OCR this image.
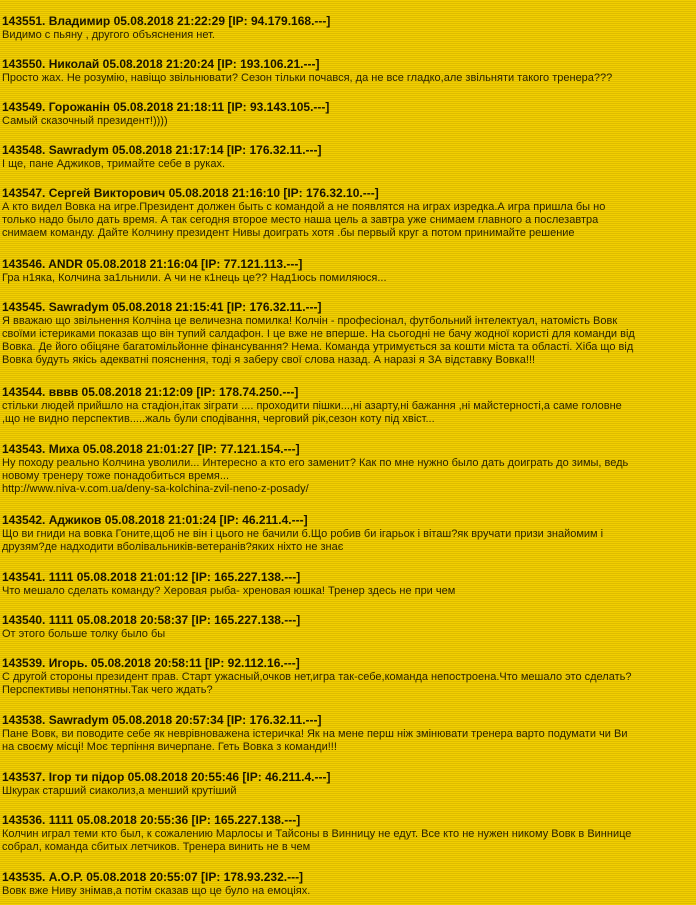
143551. Владимир 05.08.2018 21:22:29 [IP: 94.179.168.---]
Видимо с пьяну , другого объяснения нет.
143550. Николай 05.08.2018 21:20:24 [IP: 193.106.21.---]
Просто жах. Не розумію, навіщо звільнювати? Сезон тільки почався, да не все гладко,але звільняти такого тренера???
143549. Горожанін 05.08.2018 21:18:11 [IP: 93.143.105.---]
Самый сказочный президент!))))
143548. Sawradym 05.08.2018 21:17:14 [IP: 176.32.11.---]
І ще, пане Аджиков, тримайте себе в руках.
143547. Сергей Викторович 05.08.2018 21:16:10 [IP: 176.32.10.---]
А кто видел Вовка на игре.Президент должен быть с командой а не появлятся на играх изредка.А игра пришла бы но
только надо было дать время. А так сегодня второе место наша цель а завтра уже снимаем главного а послезавтра
снимаем команду. Дайте Колчину президент Нивы доиграть хотя .бы первый круг а потом принимайте решение
143546. ANDR 05.08.2018 21:16:04 [IP: 77.121.113.---]
Гра н1яка, Колчина за1льнили. А чи не к1нець це?? Над1юсь помиляюся...
143545. Sawradym 05.08.2018 21:15:41 [IP: 176.32.11.---]
Я вважаю що звільнення Колчіна це величезна помилка! Колчін - професіонал, футбольний інтелектуал, натомість Вовк
своїми істериками показав що він тупий салдафон. І це вже не вперше. На сьогодні не бачу жодної користі для команди від
Вовка. Де його обіцяне багатомільйонне фінансування? Нема. Команда утримується за кошти міста та області. Хіба що від
Вовка будуть якісь адекватні пояснення, тоді я заберу свої слова назад. А наразі я ЗА відставку Вовка!!!
143544. вввв 05.08.2018 21:12:09 [IP: 178.74.250.---]
стільки людей прийшло на стадіон,ітак зіграти .... проходити пішки...,ні азарту,ні бажання ,ні майстерності,а саме головне
,що не видно перспектив.....жаль були сподівання, черговий рік,сезон коту під хвіст...
143543. Миха 05.08.2018 21:01:27 [IP: 77.121.154.---]
Ну походу реально Колчина уволили... Интересно а кто его заменит? Как по мне нужно было дать доиграть до зимы, ведь
новому тренеру тоже понадобиться время...
http://www.niva-v.com.ua/deny-sa-kolchina-zvil-neno-z-posady/
143542. Аджиков 05.08.2018 21:01:24 [IP: 46.211.4.---]
Що ви гниди на вовка Гоните,щоб не він і цього не бачили б.Що робив би ігарьок і віташ?як вручати призи знайомим і
друзям?де надходити вболівальників-ветеранів?яких ніхто не знає
143541. 1111 05.08.2018 21:01:12 [IP: 165.227.138.---]
Что мешало сделать команду? Херовая рыба- хреновая юшка! Тренер здесь не при чем
143540. 1111 05.08.2018 20:58:37 [IP: 165.227.138.---]
От этого больше толку было бы
143539. Игорь. 05.08.2018 20:58:11 [IP: 92.112.16.---]
С другой стороны президент прав. Старт ужасный,очков нет,игра так-себе,команда непостроена.Что мешало это сделать?
Перспективы непонятны.Так чего ждать?
143538. Sawradym 05.08.2018 20:57:34 [IP: 176.32.11.---]
Пане Вовк, ви поводите себе як неврівноважена істеричка! Як на мене перш ніж змінювати тренера варто подумати чи Ви
на своєму місці! Моє терпіння вичерпане. Геть Вовка з команди!!!
143537. Ігор ти підор 05.08.2018 20:55:46 [IP: 46.211.4.---]
Шкурак старший сиаколиз,а менший крутіший
143536. 1111 05.08.2018 20:55:36 [IP: 165.227.138.---]
Колчин играл теми кто был, к сожалению Марлосы и Тайсоны в Винницу не едут. Все кто не нужен никому Вовк в Виннице
собрал, команда сбитых летчиков. Тренера винить не в чем
143535. А.О.Р. 05.08.2018 20:55:07 [IP: 178.93.232.---]
Вовк вже Ниву знімав,а потім сказав що це було на емоціях.
